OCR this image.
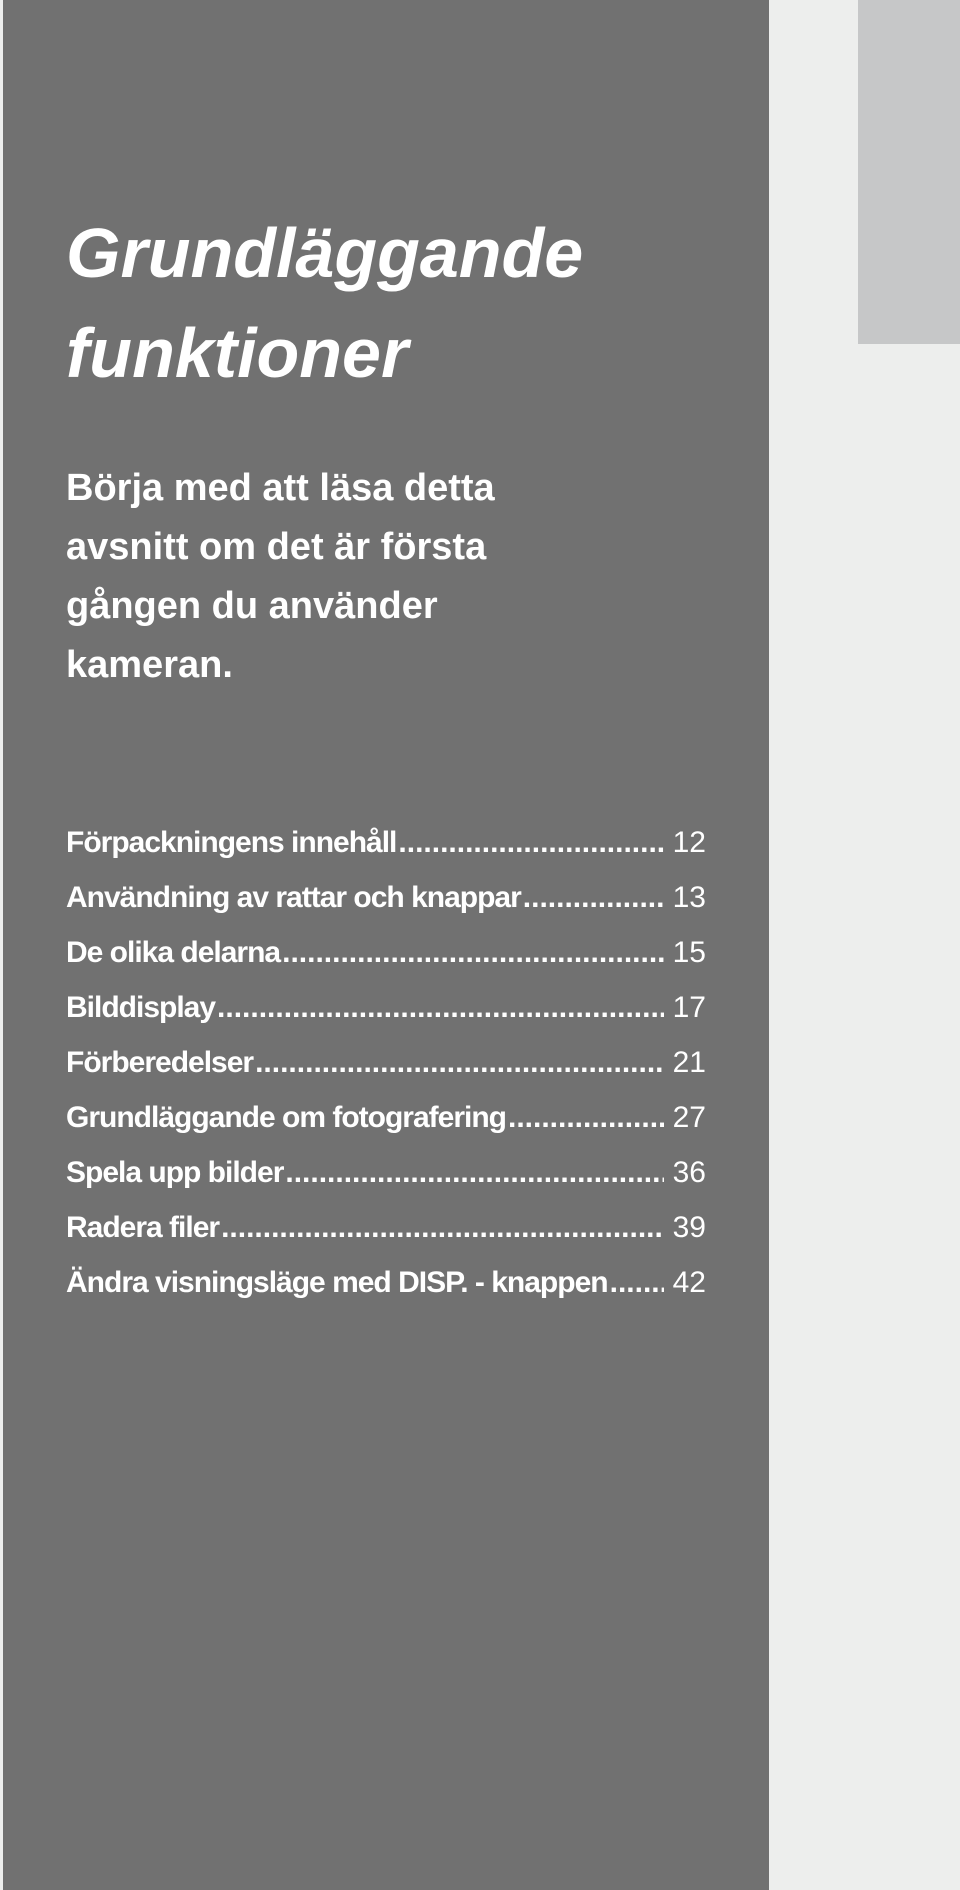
Grundläggande
funktioner

Börja med att läsa detta
avsnitt om det är första
gången du använder
kameran.

Förpackningens innehåll .....	12
Användning av rattar och knappar .....	13
De olika delarna .....	15
Bilddisplay .....	17
Förberedelser .....	21
Grundläggande om fotografering .....	27
Spela upp bilder .....	36
Radera filer .....	39
Ändra visningsläge med DISP. - knappen ..... 42
